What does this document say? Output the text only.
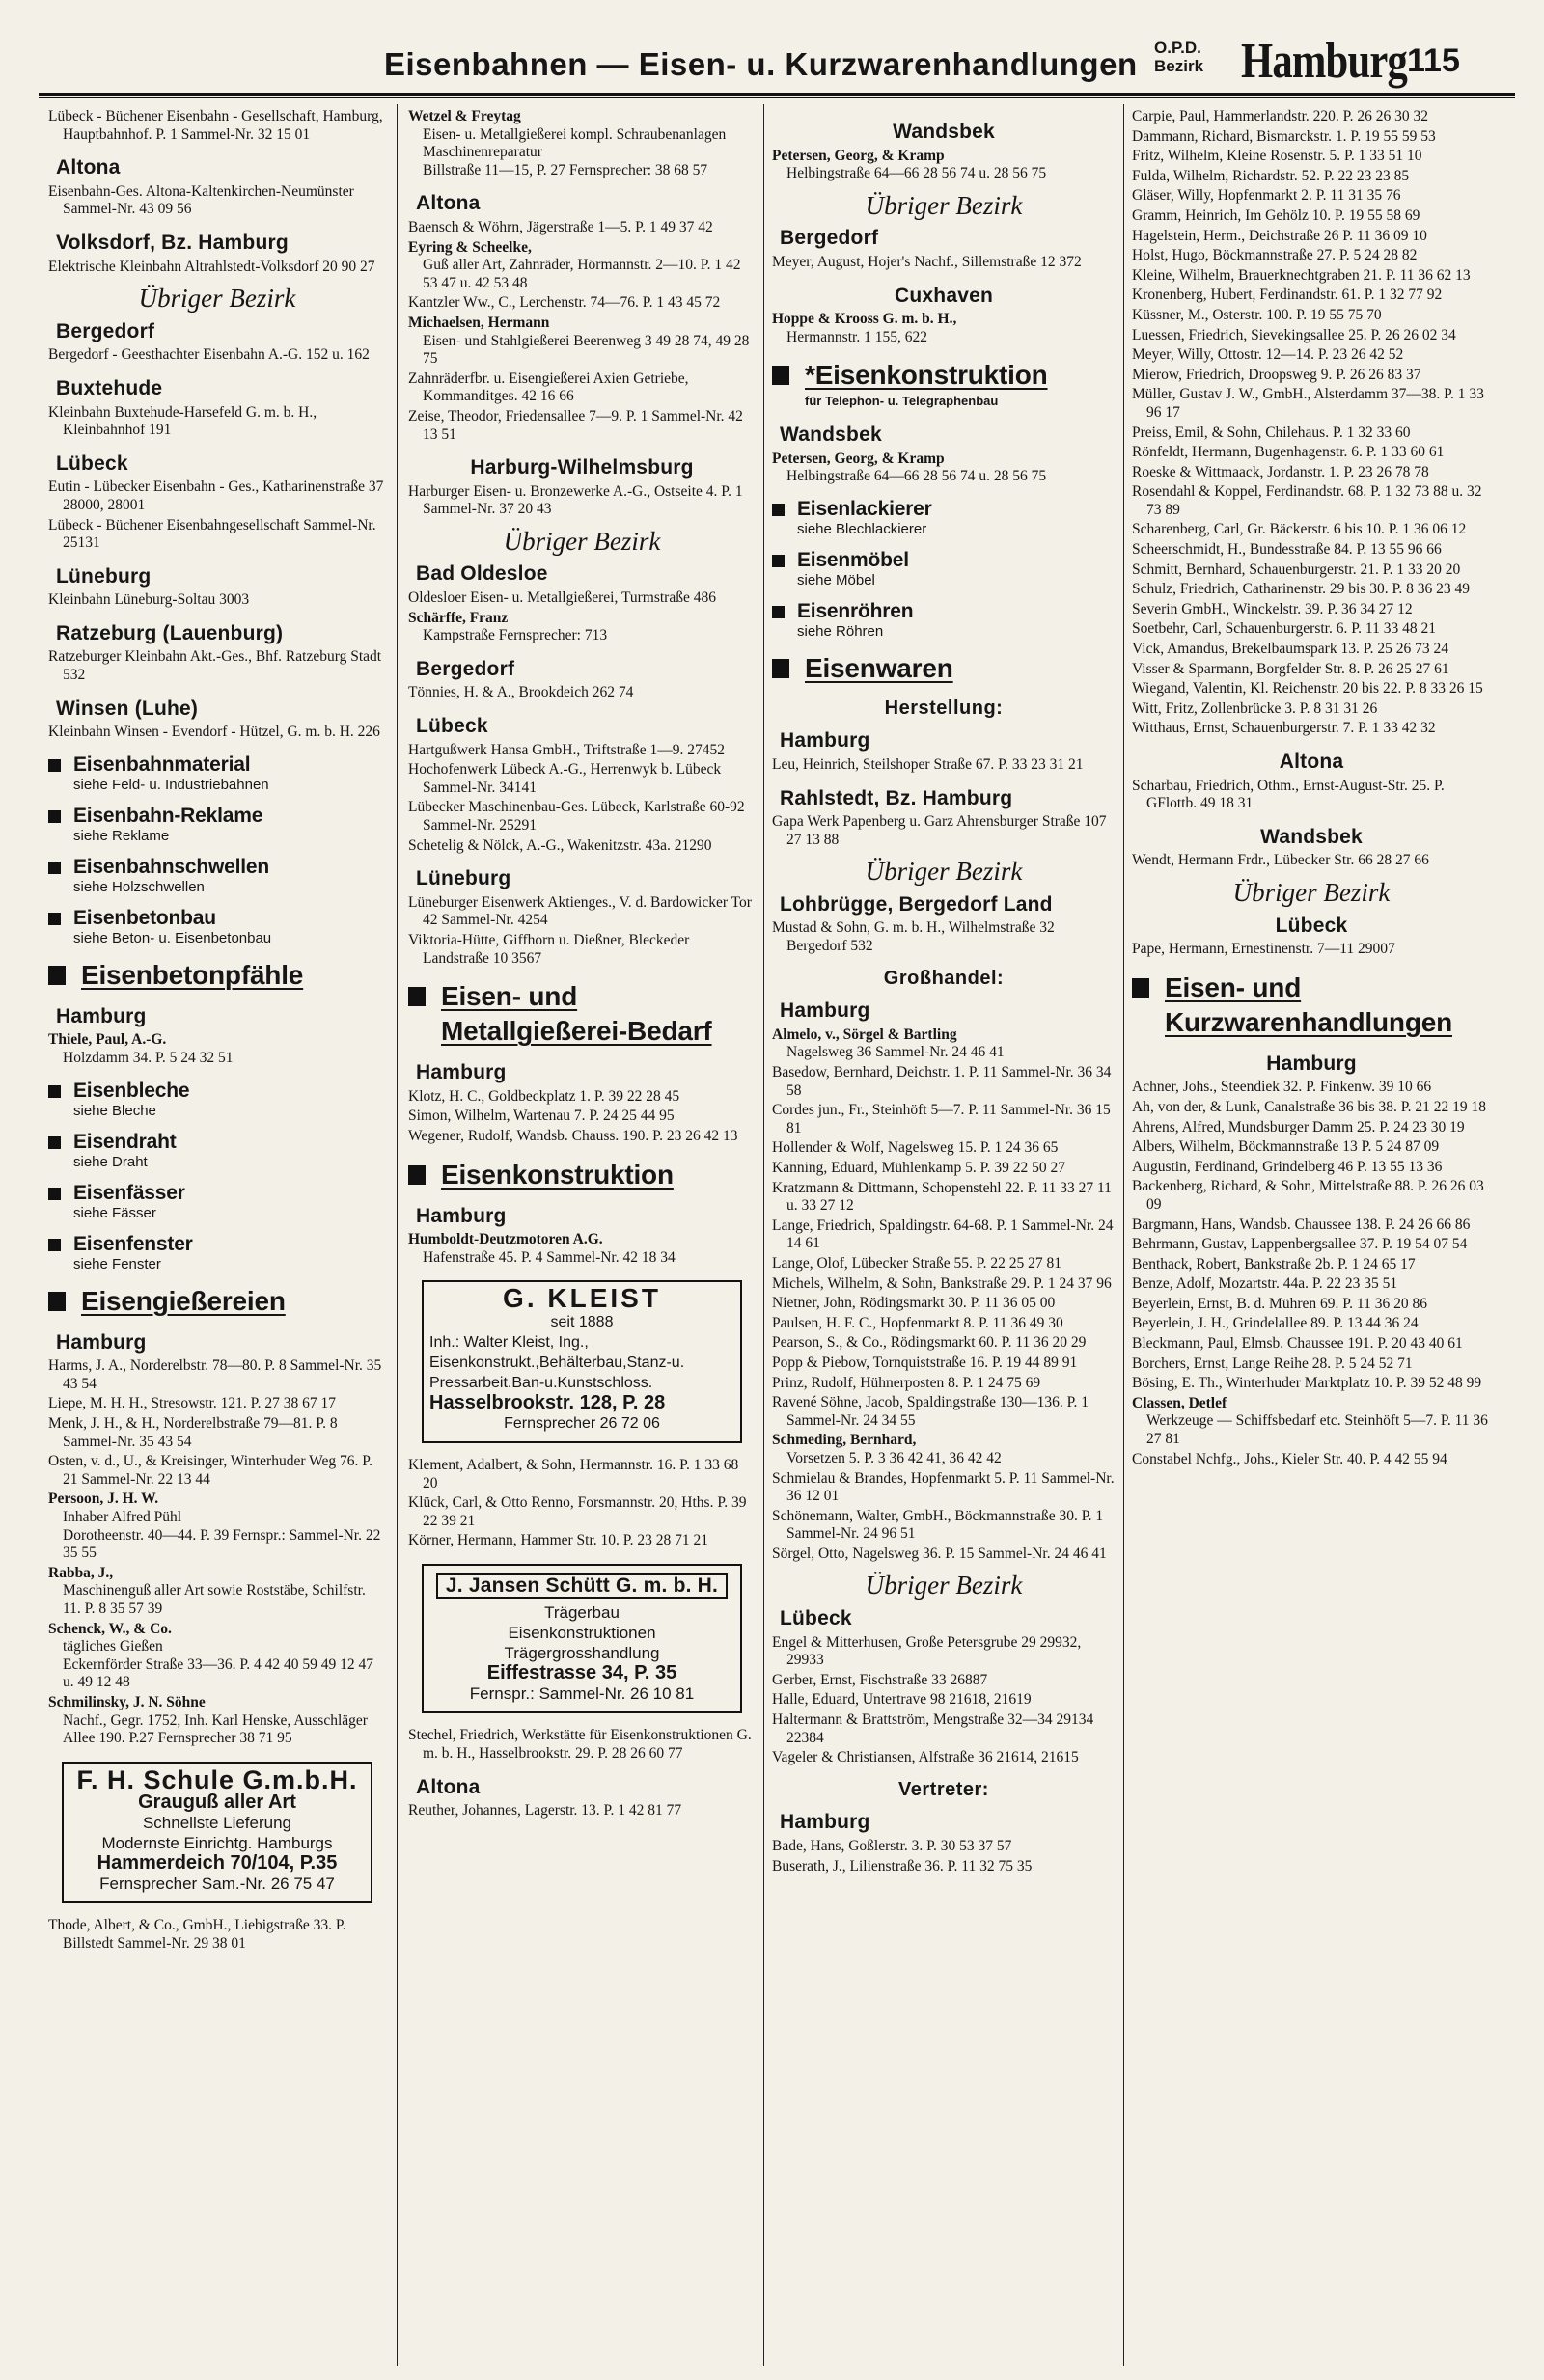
Eisenbahnen — Eisen- u. Kurzwarenhandlungen O.P.D.
Bezirk Hamburg 115
Lübeck - Büchener Eisenbahn - Gesellschaft, Hamburg, Hauptbahnhof. P. 1 Sammel-Nr. 32 15 01
Altona
Eisenbahn-Ges. Altona-Kaltenkirchen-Neumünster Sammel-Nr. 43 09 56
Volksdorf, Bz. Hamburg
Elektrische Kleinbahn Altrahlstedt-Volksdorf 20 90 27
Übriger Bezirk
Bergedorf
Bergedorf - Geesthachter Eisenbahn A.-G. 152 u. 162
Buxtehude
Kleinbahn Buxtehude-Harsefeld G. m. b. H., Kleinbahnhof 191
Lübeck
Eutin - Lübecker Eisenbahn - Ges., Katharinenstraße 37 28000, 28001
Lübeck - Büchener Eisenbahngesellschaft Sammel-Nr. 25131
Lüneburg
Kleinbahn Lüneburg-Soltau 3003
Ratzeburg (Lauenburg)
Ratzeburger Kleinbahn Akt.-Ges., Bhf. Ratzeburg Stadt 532
Winsen (Luhe)
Kleinbahn Winsen - Evendorf - Hützel, G. m. b. H. 226
Eisenbahnmaterial
siehe Feld- u. Industriebahnen
Eisenbahn-Reklame
siehe Reklame
Eisenbahnschwellen
siehe Holzschwellen
Eisenbetonbau
siehe Beton- u. Eisenbetonbau
Eisenbetonpfähle
Hamburg
Thiele, Paul, A.-G.
Holzdamm 34. P. 5 24 32 51
Eisenbleche
siehe Bleche
Eisendraht
siehe Draht
Eisenfässer
siehe Fässer
Eisenfenster
siehe Fenster
Eisengießereien
Hamburg
Harms, J. A., Norderelbstr. 78—80. P. 8 Sammel-Nr. 35 43 54
Liepe, M. H. H., Stresowstr. 121. P. 27 38 67 17
Menk, J. H., & H., Norderelbstraße 79—81. P. 8 Sammel-Nr. 35 43 54
Osten, v. d., U., & Kreisinger, Winterhuder Weg 76. P. 21 Sammel-Nr. 22 13 44
Persoon, J. H. W.
Inhaber Alfred Pühl
Dorotheenstr. 40—44. P. 39 Fernspr.: Sammel-Nr. 22 35 55
Rabba, J.,
Maschinenguß aller Art sowie Roststäbe, Schilfstr. 11. P. 8 35 57 39
Schenck, W., & Co.
tägliches Gießen
Eckernförder Straße 33—36. P. 4 42 40 59 49 12 47 u. 49 12 48
Schmilinsky, J. N. Söhne
Nachf., Gegr. 1752, Inh. Karl Henske, Ausschläger Allee 190. P.27 Fernsprecher 38 71 95
F. H. Schule G.m.b.H.
Grauguß aller Art
Schnellste Lieferung
Modernste Einrichtg. Hamburgs
Hammerdeich 70/104, P.35
Fernsprecher Sam.-Nr. 26 75 47
Thode, Albert, & Co., GmbH., Liebigstraße 33. P. Billstedt Sammel-Nr. 29 38 01
Wetzel & Freytag
Eisen- u. Metallgießerei kompl. Schraubenanlagen Maschinenreparatur
Billstraße 11—15, P. 27 Fernsprecher: 38 68 57
Altona
Baensch & Wöhrn, Jägerstraße 1—5. P. 1 49 37 42
Eyring & Scheelke,
Guß aller Art, Zahnräder, Hörmannstr. 2—10. P. 1 42 53 47 u. 42 53 48
Kantzler Ww., C., Lerchenstr. 74—76. P. 1 43 45 72
Michaelsen, Hermann
Eisen- und Stahlgießerei Beerenweg 3 49 28 74, 49 28 75
Zahnräderfbr. u. Eisengießerei Axien Getriebe, Kommanditges. 42 16 66
Zeise, Theodor, Friedensallee 7—9. P. 1 Sammel-Nr. 42 13 51
Harburg-Wilhelmsburg
Harburger Eisen- u. Bronzewerke A.-G., Ostseite 4. P. 1 Sammel-Nr. 37 20 43
Übriger Bezirk
Bad Oldesloe
Oldesloer Eisen- u. Metallgießerei, Turmstraße 486
Schärffe, Franz
Kampstraße Fernsprecher: 713
Bergedorf
Tönnies, H. & A., Brookdeich 262 74
Lübeck
Hartgußwerk Hansa GmbH., Triftstraße 1—9. 27452
Hochofenwerk Lübeck A.-G., Herrenwyk b. Lübeck Sammel-Nr. 34141
Lübecker Maschinenbau-Ges. Lübeck, Karlstraße 60-92 Sammel-Nr. 25291
Schetelig & Nölck, A.-G., Wakenitzstr. 43a. 21290
Lüneburg
Lüneburger Eisenwerk Aktienges., V. d. Bardowicker Tor 42 Sammel-Nr. 4254
Viktoria-Hütte, Giffhorn u. Dießner, Bleckeder Landstraße 10 3567
Eisen- und Metallgießerei-Bedarf
Hamburg
Klotz, H. C., Goldbeckplatz 1. P. 39 22 28 45
Simon, Wilhelm, Wartenau 7. P. 24 25 44 95
Wegener, Rudolf, Wandsb. Chauss. 190. P. 23 26 42 13
Eisenkonstruktion
Hamburg
Humboldt-Deutzmotoren A.G.
Hafenstraße 45. P. 4 Sammel-Nr. 42 18 34
G. KLEIST
seit 1888
Inh.: Walter Kleist, Ing., Eisenkonstrukt.,Behälterbau,Stanz-u. Pressarbeit.Ban-u.Kunstschloss.
Hasselbrookstr. 128, P. 28
Fernsprecher 26 72 06
Klement, Adalbert, & Sohn, Hermannstr. 16. P. 1 33 68 20
Klück, Carl, & Otto Renno, Forsmannstr. 20, Hths. P. 39 22 39 21
Körner, Hermann, Hammer Str. 10. P. 23 28 71 21
J. Jansen Schütt G. m. b. H.
Trägerbau
Eisenkonstruktionen
Trägergrosshandlung
Eiffestrasse 34, P. 35
Fernspr.: Sammel-Nr. 26 10 81
Stechel, Friedrich, Werkstätte für Eisenkonstruktionen G. m. b. H., Hasselbrookstr. 29. P. 28 26 60 77
Altona
Reuther, Johannes, Lagerstr. 13. P. 1 42 81 77
Wandsbek
Petersen, Georg, & Kramp
Helbingstraße 64—66 28 56 74 u. 28 56 75
Übriger Bezirk
Bergedorf
Meyer, August, Hojer's Nachf., Sillemstraße 12 372
Cuxhaven
Hoppe & Krooss G. m. b. H.,
Hermannstr. 1 155, 622
*Eisenkonstruktion
für Telephon- u. Telegraphenbau
Wandsbek
Petersen, Georg, & Kramp
Helbingstraße 64—66 28 56 74 u. 28 56 75
Eisenlackierer
siehe Blechlackierer
Eisenmöbel
siehe Möbel
Eisenröhren
siehe Röhren
Eisenwaren
Herstellung:
Hamburg
Leu, Heinrich, Steilshoper Straße 67. P. 33 23 31 21
Rahlstedt, Bz. Hamburg
Gapa Werk Papenberg u. Garz Ahrensburger Straße 107 27 13 88
Übriger Bezirk
Lohbrügge, Bergedorf Land
Mustad & Sohn, G. m. b. H., Wilhelmstraße 32 Bergedorf 532
Großhandel:
Hamburg
Almelo, v., Sörgel & Bartling
Nagelsweg 36 Sammel-Nr. 24 46 41
Basedow, Bernhard, Deichstr. 1. P. 11 Sammel-Nr. 36 34 58
Cordes jun., Fr., Steinhöft 5—7. P. 11 Sammel-Nr. 36 15 81
Hollender & Wolf, Nagelsweg 15. P. 1 24 36 65
Kanning, Eduard, Mühlenkamp 5. P. 39 22 50 27
Kratzmann & Dittmann, Schopenstehl 22. P. 11 33 27 11 u. 33 27 12
Lange, Friedrich, Spaldingstr. 64-68. P. 1 Sammel-Nr. 24 14 61
Lange, Olof, Lübecker Straße 55. P. 22 25 27 81
Michels, Wilhelm, & Sohn, Bankstraße 29. P. 1 24 37 96
Nietner, John, Rödingsmarkt 30. P. 11 36 05 00
Paulsen, H. F. C., Hopfenmarkt 8. P. 11 36 49 30
Pearson, S., & Co., Rödingsmarkt 60. P. 11 36 20 29
Popp & Piebow, Tornquiststraße 16. P. 19 44 89 91
Prinz, Rudolf, Hühnerposten 8. P. 1 24 75 69
Ravené Söhne, Jacob, Spaldingstraße 130—136. P. 1 Sammel-Nr. 24 34 55
Schmeding, Bernhard,
Vorsetzen 5. P. 3 36 42 41, 36 42 42
Schmielau & Brandes, Hopfenmarkt 5. P. 11 Sammel-Nr. 36 12 01
Schönemann, Walter, GmbH., Böckmannstraße 30. P. 1 Sammel-Nr. 24 96 51
Sörgel, Otto, Nagelsweg 36. P. 15 Sammel-Nr. 24 46 41
Übriger Bezirk
Lübeck
Engel & Mitterhusen, Große Petersgrube 29 29932, 29933
Gerber, Ernst, Fischstraße 33 26887
Halle, Eduard, Untertrave 98 21618, 21619
Haltermann & Brattström, Mengstraße 32—34 29134 22384
Vageler & Christiansen, Alfstraße 36 21614, 21615
Vertreter:
Hamburg
Bade, Hans, Goßlerstr. 3. P. 30 53 37 57
Buserath, J., Lilienstraße 36. P. 11 32 75 35
Carpie, Paul, Hammerlandstr. 220. P. 26 26 30 32
Dammann, Richard, Bismarckstr. 1. P. 19 55 59 53
Fritz, Wilhelm, Kleine Rosenstr. 5. P. 1 33 51 10
Fulda, Wilhelm, Richardstr. 52. P. 22 23 23 85
Gläser, Willy, Hopfenmarkt 2. P. 11 31 35 76
Gramm, Heinrich, Im Gehölz 10. P. 19 55 58 69
Hagelstein, Herm., Deichstraße 26 P. 11 36 09 10
Holst, Hugo, Böckmannstraße 27. P. 5 24 28 82
Kleine, Wilhelm, Brauerknechtgraben 21. P. 11 36 62 13
Kronenberg, Hubert, Ferdinandstr. 61. P. 1 32 77 92
Küssner, M., Osterstr. 100. P. 19 55 75 70
Luessen, Friedrich, Sievekingsallee 25. P. 26 26 02 34
Meyer, Willy, Ottostr. 12—14. P. 23 26 42 52
Mierow, Friedrich, Droopsweg 9. P. 26 26 83 37
Müller, Gustav J. W., GmbH., Alsterdamm 37—38. P. 1 33 96 17
Preiss, Emil, & Sohn, Chilehaus. P. 1 32 33 60
Rönfeldt, Hermann, Bugenhagenstr. 6. P. 1 33 60 61
Roeske & Wittmaack, Jordanstr. 1. P. 23 26 78 78
Rosendahl & Koppel, Ferdinandstr. 68. P. 1 32 73 88 u. 32 73 89
Scharenberg, Carl, Gr. Bäckerstr. 6 bis 10. P. 1 36 06 12
Scheerschmidt, H., Bundesstraße 84. P. 13 55 96 66
Schmitt, Bernhard, Schauenburgerstr. 21. P. 1 33 20 20
Schulz, Friedrich, Catharinenstr. 29 bis 30. P. 8 36 23 49
Severin GmbH., Winckelstr. 39. P. 36 34 27 12
Soetbehr, Carl, Schauenburgerstr. 6. P. 11 33 48 21
Vick, Amandus, Brekelbaumspark 13. P. 25 26 73 24
Visser & Sparmann, Borgfelder Str. 8. P. 26 25 27 61
Wiegand, Valentin, Kl. Reichenstr. 20 bis 22. P. 8 33 26 15
Witt, Fritz, Zollenbrücke 3. P. 8 31 31 26
Witthaus, Ernst, Schauenburgerstr. 7. P. 1 33 42 32
Altona
Scharbau, Friedrich, Othm., Ernst-August-Str. 25. P. GFlottb. 49 18 31
Wandsbek
Wendt, Hermann Frdr., Lübecker Str. 66 28 27 66
Übriger Bezirk
Lübeck
Pape, Hermann, Ernestinenstr. 7—11 29007
Eisen- und Kurzwarenhandlungen
Hamburg
Achner, Johs., Steendiek 32. P. Finkenw. 39 10 66
Ah, von der, & Lunk, Canalstraße 36 bis 38. P. 21 22 19 18
Ahrens, Alfred, Mundsburger Damm 25. P. 24 23 30 19
Albers, Wilhelm, Böckmannstraße 13 P. 5 24 87 09
Augustin, Ferdinand, Grindelberg 46 P. 13 55 13 36
Backenberg, Richard, & Sohn, Mittelstraße 88. P. 26 26 03 09
Bargmann, Hans, Wandsb. Chaussee 138. P. 24 26 66 86
Behrmann, Gustav, Lappenbergsallee 37. P. 19 54 07 54
Benthack, Robert, Bankstraße 2b. P. 1 24 65 17
Benze, Adolf, Mozartstr. 44a. P. 22 23 35 51
Beyerlein, Ernst, B. d. Mühren 69. P. 11 36 20 86
Beyerlein, J. H., Grindelallee 89. P. 13 44 36 24
Bleckmann, Paul, Elmsb. Chaussee 191. P. 20 43 40 61
Borchers, Ernst, Lange Reihe 28. P. 5 24 52 71
Bösing, E. Th., Winterhuder Marktplatz 10. P. 39 52 48 99
Classen, Detlef
Werkzeuge — Schiffsbedarf etc. Steinhöft 5—7. P. 11 36 27 81
Constabel Nchfg., Johs., Kieler Str. 40. P. 4 42 55 94
